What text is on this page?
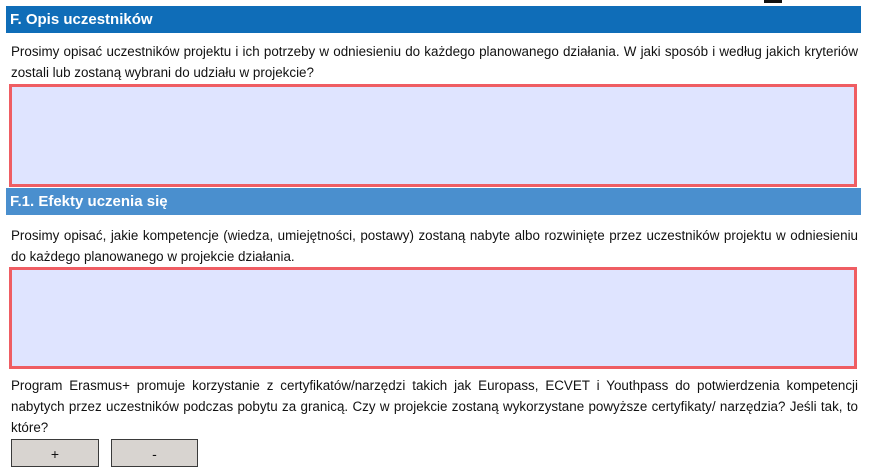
F. Opis uczestników
Prosimy opisać uczestników projektu i ich potrzeby w odniesieniu do każdego planowanego działania. W jaki sposób i według jakich kryteriów zostali lub zostaną wybrani do udziału w projekcie?
F.1. Efekty uczenia się
Prosimy opisać, jakie kompetencje (wiedza, umiejętności, postawy) zostaną nabyte albo rozwinięte przez uczestników projektu w odniesieniu do każdego planowanego w projekcie działania.
Program Erasmus+ promuje korzystanie z certyfikatów/narzędzi takich jak Europass, ECVET i Youthpass do potwierdzenia kompetencji nabytych przez uczestników podczas pobytu za granicą. Czy w projekcie zostaną wykorzystane powyższe certyfikaty/ narzędzia? Jeśli tak, to które?
+	-
